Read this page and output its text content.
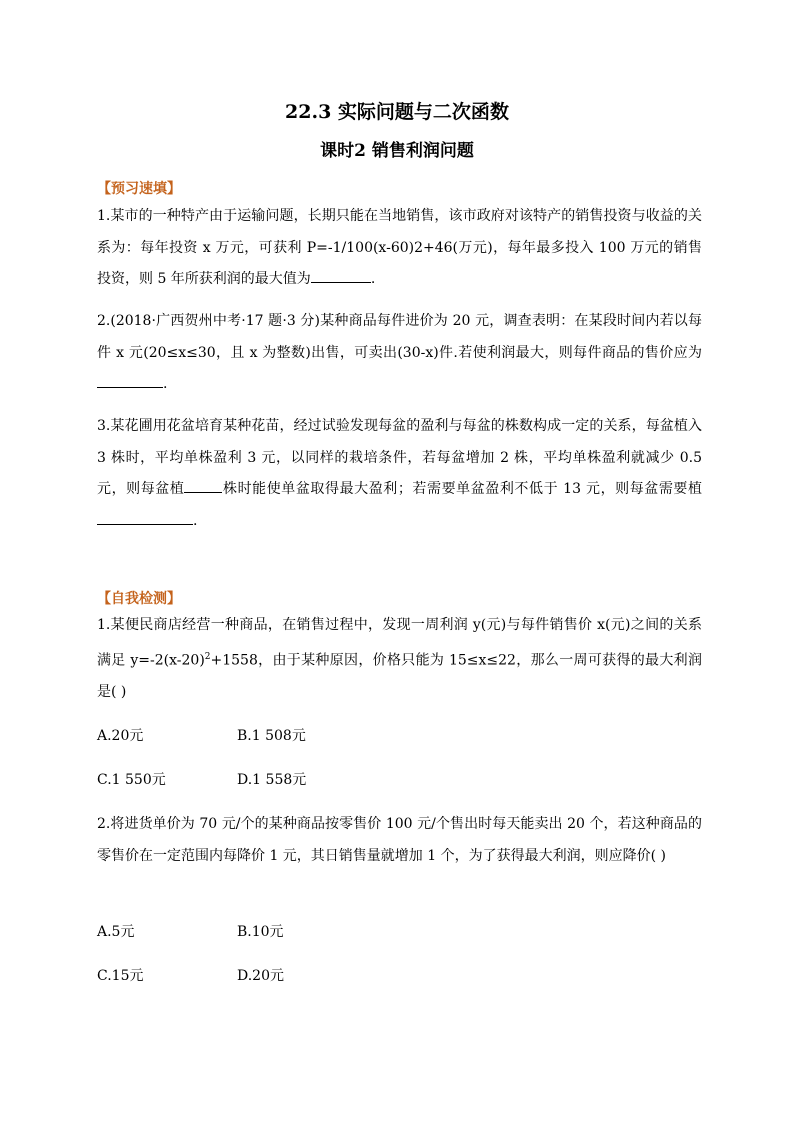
22.3 实际问题与二次函数
课时2 销售利润问题
【预习速填】
1.某市的一种特产由于运输问题，长期只能在当地销售，该市政府对该特产的销售投资与收益的关系为：每年投资 x 万元，可获利 P=-1/100(x-60)2+46(万元)，每年最多投入 100 万元的销售投资，则 5 年所获利润的最大值为	.
2.(2018·广西贺州中考·17 题·3 分)某种商品每件进价为 20 元，调查表明：在某段时间内若以每件 x 元(20≤x≤30，且 x 为整数)出售，可卖出(30-x)件.若使利润最大，则每件商品的售价应为.
3.某花圃用花盆培育某种花苗，经过试验发现每盆的盈利与每盆的株数构成一定的关系，每盆植入 3 株时，平均单株盈利 3 元，以同样的栽培条件，若每盆增加 2 株，平均单株盈利就减少 0.5 元，则每盆植	株时能使单盆取得最大盈利；若需要单盆盈利不低于 13 元，则每盆需要植.
【自我检测】
1.某便民商店经营一种商品，在销售过程中，发现一周利润 y(元)与每件销售价 x(元)之间的关系满足 $y=-2(x-20)^2+1558$，由于某种原因，价格只能为 15≤x≤22，那么一周可获得的最大利润是( )
A.20元	B.1 508元
C.1 550元	D.1 558元
2.将进货单价为 70 元/个的某种商品按零售价 100 元/个售出时每天能卖出 20 个，若这种商品的零售价在一定范围内每降价 1 元，其日销售量就增加 1 个，为了获得最大利润，则应降价( )
A.5元	B.10元
C.15元	D.20元
